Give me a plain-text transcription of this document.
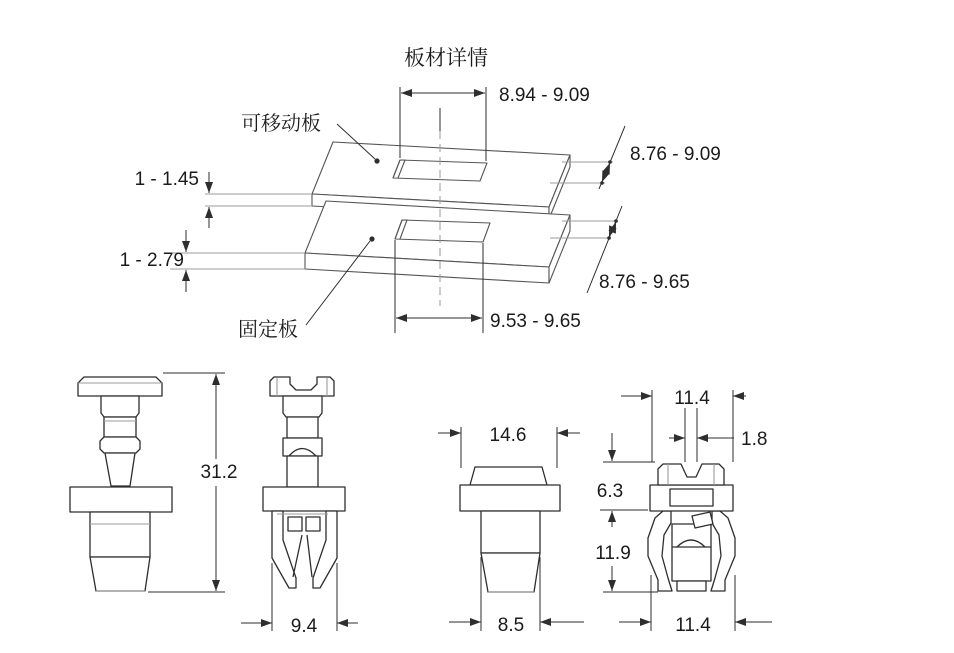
板材详情
8.94 - 9.09
1 - 1.45
1 - 2.79
可移动板
固定板
8.76 - 9.09
8.76 - 9.65
9.53 - 9.65
31.2
9.4
14.6
8.5
11.4
1.8
6.3
11.9
11.4
